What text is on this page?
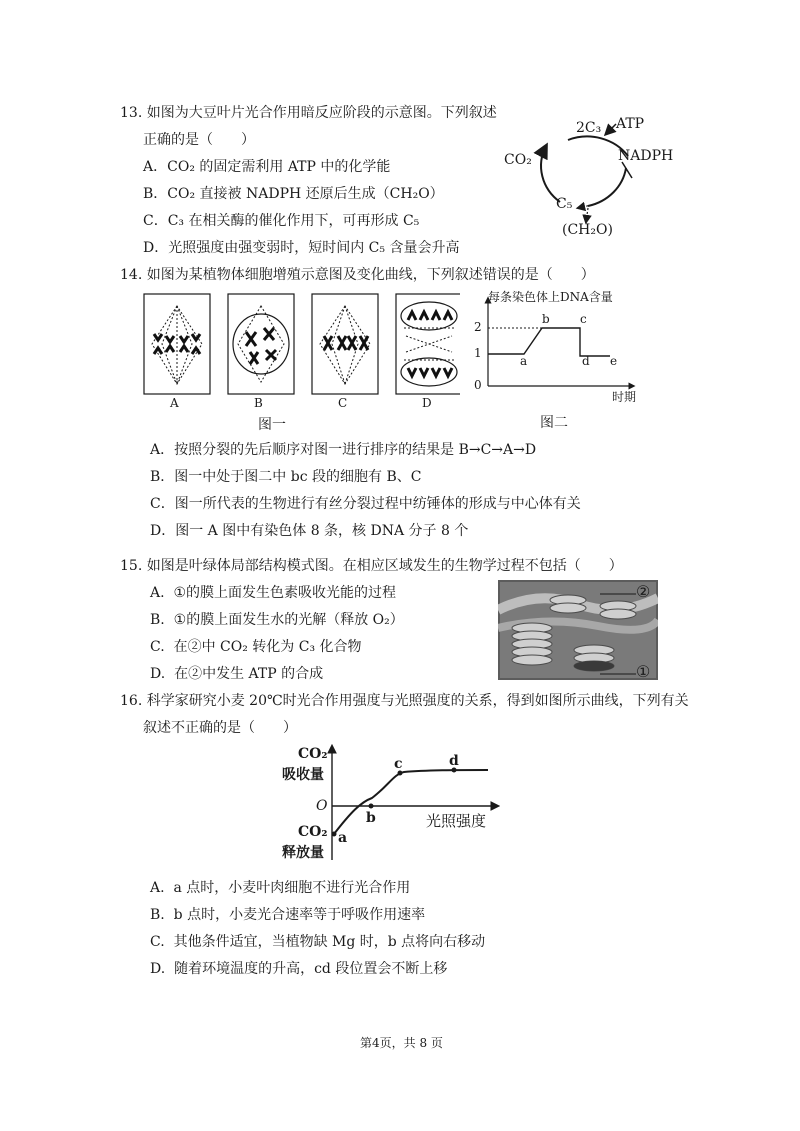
13. 如图为大豆叶片光合作用暗反应阶段的示意图。下列叙述
正确的是（　　）
A．CO₂ 的固定需利用 ATP 中的化学能
B．CO₂ 直接被 NADPH 还原后生成（CH₂O）
C．C₃ 在相关酶的催化作用下，可再形成 C₅
D．光照强度由强变弱时，短时间内 C₅ 含量会升高
2C₃ ATP
NADPH
CO₂
C₅
(CH₂O)
14. 如图为某植物体细胞增殖示意图及变化曲线，下列叙述错误的是（　　）
A	B	C	D
图一
每条染色体上DNA含量
2
1
0
a
b	c
d e
时期
图二
A．按照分裂的先后顺序对图一进行排序的结果是 B→C→A→D
B．图一中处于图二中 bc 段的细胞有 B、C
C．图一所代表的生物进行有丝分裂过程中纺锤体的形成与中心体有关
D．图一 A 图中有染色体 8 条，核 DNA 分子 8 个
15. 如图是叶绿体局部结构模式图。在相应区域发生的生物学过程不包括（　　）
A. ①的膜上面发生色素吸收光能的过程
B. ①的膜上面发生水的光解（释放 O₂）
C. 在②中 CO₂ 转化为 C₃ 化合物
D. 在②中发生 ATP 的合成
②
①
16. 科学家研究小麦 20℃时光合作用强度与光照强度的关系，得到如图所示曲线，下列有关
叙述不正确的是（　　）
CO₂
吸收量
O
CO₂
释放量
光照强度
a
b
c	d
A. a 点时，小麦叶肉细胞不进行光合作用
B. b 点时，小麦光合速率等于呼吸作用速率
C. 其他条件适宜，当植物缺 Mg 时，b 点将向右移动
D. 随着环境温度的升高，cd 段位置会不断上移
第4页，共 8 页
